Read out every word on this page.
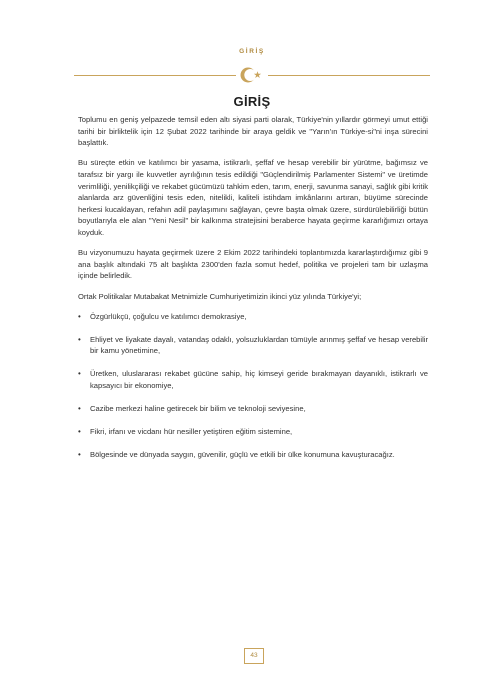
GİRİŞ
GİRİŞ

Toplumu en geniş yelpazede temsil eden altı siyasi parti olarak, Türkiye'nin yıllardır görmeyi umut ettiği tarihi bir birliktelik için 12 Şubat 2022 tarihinde bir araya geldik ve "Yarın'ın Türkiye-si"ni inşa sürecini başlattık.

Bu süreçte etkin ve katılımcı bir yasama, istikrarlı, şeffaf ve hesap verebilir bir yürütme, bağımsız ve tarafsız bir yargı ile kuvvetler ayrılığının tesis edildiği "Güçlendirilmiş Parlamenter Sistemi" ve üretimde verimliliği, yenilikçiliği ve rekabet gücümüzü tahkim eden, tarım, enerji, savunma sanayi, sağlık gibi kritik alanlarda arz güvenliğini tesis eden, nitelikli, kaliteli istihdam imkânlarını artıran, büyüme sürecinde herkesi kucaklayan, refahın adil paylaşımını sağlayan, çevre başta olmak üzere, sürdürülebilirliği bütün boyutlarıyla ele alan "Yeni Nesil" bir kalkınma stratejisini beraberce hayata geçirme kararlığımızı ortaya koyduk.

Bu vizyonumuzu hayata geçirmek üzere 2 Ekim 2022 tarihindeki toplantımızda kararlaştırdığımız gibi 9 ana başlık altındaki 75 alt başlıkta 2300'den fazla somut hedef, politika ve projeleri tam bir uzlaşma içinde belirledik.

Ortak Politikalar Mutabakat Metnimizle Cumhuriyetimizin ikinci yüz yılında Türkiye'yi;

• Özgürlükçü, çoğulcu ve katılımcı demokrasiye,
• Ehliyet ve liyakate dayalı, vatandaş odaklı, yolsuzluklardan tümüyle arınmış şeffaf ve hesap verebilir bir kamu yönetimine,
• Üretken, uluslararası rekabet gücüne sahip, hiç kimseyi geride bırakmayan dayanıklı, istikrarlı ve kapsayıcı bir ekonomiye,
• Cazibe merkezi haline getirecek bir bilim ve teknoloji seviyesine,
• Fikri, irfanı ve vicdanı hür nesiller yetiştiren eğitim sistemine,
• Bölgesinde ve dünyada saygın, güvenilir, güçlü ve etkili bir ülke konumuna kavuşturacağız.
43
